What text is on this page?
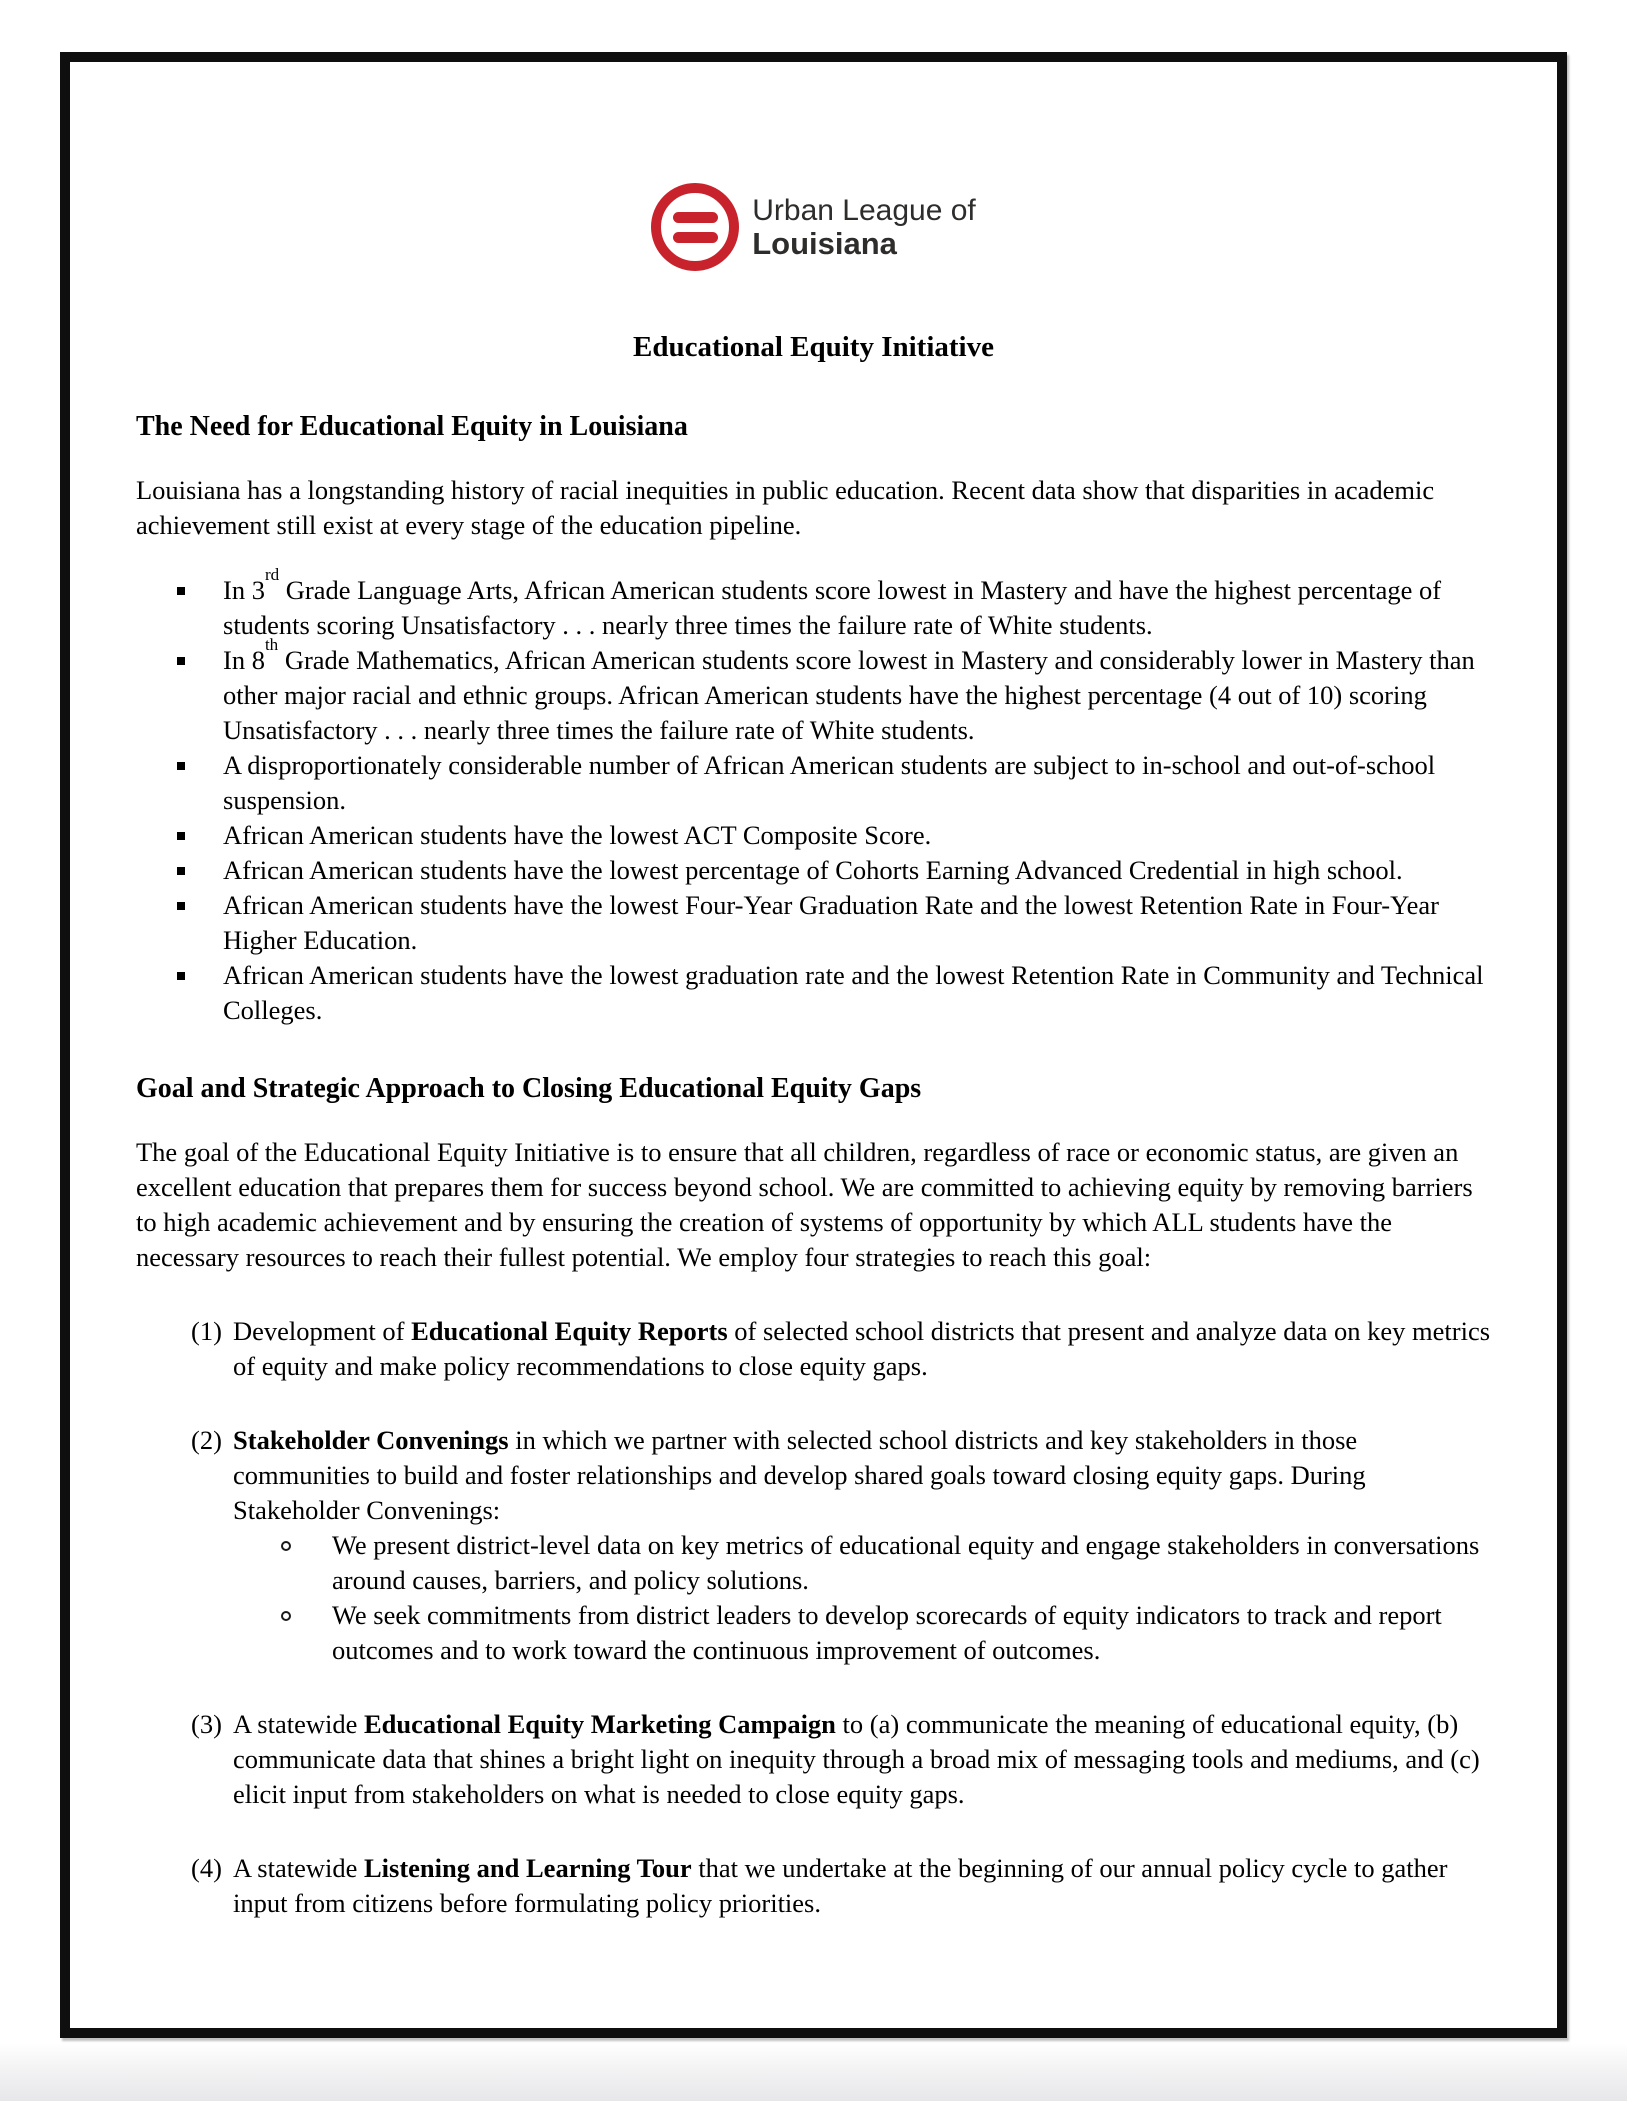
Urban League of
Louisiana
Educational Equity Initiative
The Need for Educational Equity in Louisiana

Louisiana has a longstanding history of racial inequities in public education. Recent data show that disparities in academic achievement still exist at every stage of the education pipeline.

In 3rd Grade Language Arts, African American students score lowest in Mastery and have the highest percentage of students scoring Unsatisfactory . . . nearly three times the failure rate of White students.
In 8th Grade Mathematics, African American students score lowest in Mastery and considerably lower in Mastery than other major racial and ethnic groups. African American students have the highest percentage (4 out of 10) scoring Unsatisfactory . . . nearly three times the failure rate of White students.
A disproportionately considerable number of African American students are subject to in-school and out-of-school suspension.
African American students have the lowest ACT Composite Score.
African American students have the lowest percentage of Cohorts Earning Advanced Credential in high school.
African American students have the lowest Four-Year Graduation Rate and the lowest Retention Rate in Four-Year Higher Education.
African American students have the lowest graduation rate and the lowest Retention Rate in Community and Technical Colleges.
Goal and Strategic Approach to Closing Educational Equity Gaps

The goal of the Educational Equity Initiative is to ensure that all children, regardless of race or economic status, are given an excellent education that prepares them for success beyond school. We are committed to achieving equity by removing barriers to high academic achievement and by ensuring the creation of systems of opportunity by which ALL students have the necessary resources to reach their fullest potential. We employ four strategies to reach this goal:

(1) Development of Educational Equity Reports of selected school districts that present and analyze data on key metrics of equity and make policy recommendations to close equity gaps.
(2) Stakeholder Convenings in which we partner with selected school districts and key stakeholders in those communities to build and foster relationships and develop shared goals toward closing equity gaps. During Stakeholder Convenings:
We present district-level data on key metrics of educational equity and engage stakeholders in conversations around causes, barriers, and policy solutions.
We seek commitments from district leaders to develop scorecards of equity indicators to track and report outcomes and to work toward the continuous improvement of outcomes.
(3) A statewide Educational Equity Marketing Campaign to (a) communicate the meaning of educational equity, (b) communicate data that shines a bright light on inequity through a broad mix of messaging tools and mediums, and (c) elicit input from stakeholders on what is needed to close equity gaps.
(4) A statewide Listening and Learning Tour that we undertake at the beginning of our annual policy cycle to gather input from citizens before formulating policy priorities.
